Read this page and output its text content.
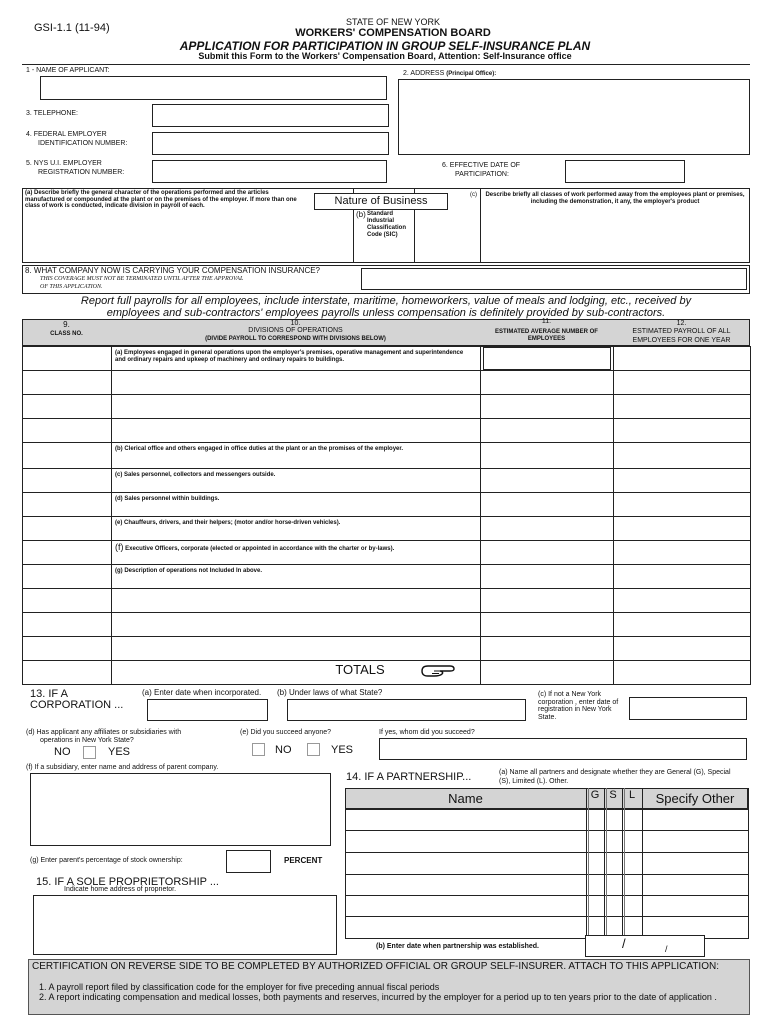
GSI-1.1 (11-94)	STATE OF NEW YORK
WORKERS' COMPENSATION BOARD
APPLICATION FOR PARTICIPATION IN GROUP SELF-INSURANCE PLAN
Submit this Form to the Workers' Compensation Board, Attention: Self-Insurance office
1 - NAME OF APPLICANT:	2. ADDRESS (Principal Office):
3. TELEPHONE:
4. FEDERAL EMPLOYER
IDENTIFICATION NUMBER:
5. NYS U.I. EMPLOYER
REGISTRATION NUMBER:
6. EFFECTIVE DATE OF
PARTICIPATION:
(a) Describe briefly the general character of the operations performed and the articles manufactured or compounded at the plant or on the premises of the employer. If more than one class of work is conducted, indicate division in payroll of each.	Nature of Business
(b) Standard Industrial Classification Code (SIC)
(c)	Describe briefly all classes of work performed away from the employees plant or premises, including the demonstration, it any, the employer's product
8. WHAT COMPANY NOW IS CARRYING YOUR COMPENSATION INSURANCE?
THIS COVERAGE MUST NOT BE TERMINATED UNTIL AFTER THE APPROVAL
OF THIS APPLICATION.
Report full payrolls for all employees, include interstate, maritime, homeworkers, value of meals and lodging, etc., received by
employees and sub-contractors' employees payrolls unless compensation is definitely provided by sub-contractors.
9.
CLASS NO.
10.
DIVISIONS OF OPERATIONS
(DIVIDE PAYROLL TO CORRESPOND WITH DIVISIONS BELOW)
11.
ESTIMATED AVERAGE NUMBER OF EMPLOYEES
12.
ESTIMATED PAYROLL OF ALL EMPLOYEES FOR ONE YEAR
(a) Employees engaged in general operations upon the employer's premises, operative management and superintendence and ordinary repairs and upkeep of machinery and ordinary repairs to buildings.
(b) Clerical office and others engaged in office duties at the plant or an the promises of the employer.
(c) Sales personnel, collectors and messengers outside.
(d) Sales personnel within buildings.
(e) Chauffeurs, drivers, and their helpers; (motor and/or horse-driven vehicles).
(f) Executive Officers, corporate (elected or appointed in accordance with the charter or by-laws).
(g) Description of operations not Included In above.
TOTALS
13. IF A
CORPORATION ...
(a) Enter date when incorporated. (b) Under laws of what State?	(c) If not a New York corporation , enter date of registration in New York State.
(d) Has applicant any affiliates or subsidiaries with
operations in New York State?
NO	YES
(e) Did you succeed anyone?
NO	YES
If yes, whom did you succeed?
(f) If a subsidiary, enter name and address of parent company.
(g) Enter parent's percentage of stock ownership:	PERCENT
14. IF A PARTNERSHIP...	(a) Name all partners and designate whether they are General (G), Special (S), Limited (L). Other.
Name	G S	L	Specify Other
(b) Enter date when partnership was established.	/	/
15. IF A SOLE PROPRIETORSHIP ...
Indicate home address of proprietor.
CERTIFICATION ON REVERSE SIDE TO BE COMPLETED BY AUTHORIZED OFFICIAL OR GROUP SELF-INSURER. ATTACH TO THIS APPLICATION:
1. A payroll report filed by classification code for the employer for five preceding annual fiscal periods
2. A report indicating compensation and medical losses, both payments and reserves, incurred by the employer for a period up to ten years prior to the date of application .
